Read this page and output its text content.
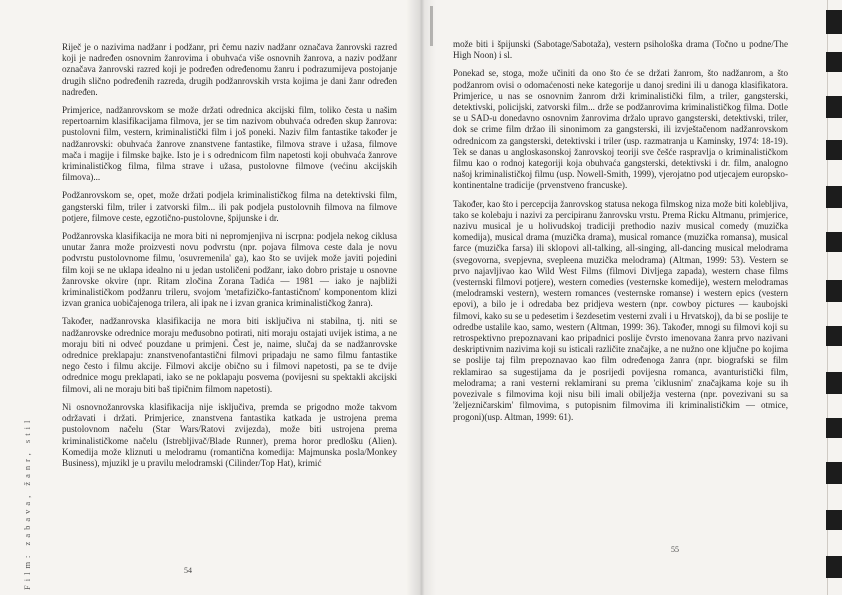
Riječ je o nazivima nadžanr i podžanr, pri čemu naziv nadžanr označava žanrovski razred koji je nadređen osnovnim žanrovima i obuhvaća više osnovnih žanrova, a naziv podžanr označava žanrovski razred koji je podređen određenomu žanru i podrazumijeva postojanje drugih slično podređenih razreda, drugih podžanrovskih vrsta kojima je dani žanr određen nadređen.

Primjerice, nadžanrovskom se može držati odrednica akcijski film, toliko česta u našim repertoarnim klasifikacijama filmova, jer se tim nazivom obuhvaća određen skup žanrova: pustolovni film, vestern, kriminalistički film i još poneki. Naziv film fantastike također je nadžanrovski: obuhvaća žanrove znanstvene fantastike, filmova strave i užasa, filmove mača i magije i filmske bajke. Isto je i s odrednicom film napetosti koji obuhvaća žanrove kriminalističkog filma, filma strave i užasa, pustolovne filmove (većinu akcijskih filmova)...

Podžanrovskom se, opet, može držati podjela kriminalističkog filma na detektivski film, gangsterski film, triler i zatvorski film... ili pak podjela pustolovnih filmova na filmove potjere, filmove ceste, egzotično-pustolovne, špijunske i dr.

Podžanrovska klasifikacija ne mora biti ni nepromjenjiva ni iscrpna: podjela nekog ciklusa unutar žanra može proizvesti novu podvrstu (npr. pojava filmova ceste dala je novu podvrstu pustolovnome filmu, 'osuvremenila' ga), kao što se uvijek može javiti pojedini film koji se ne uklapa idealno ni u jedan ustoličeni podžanr, iako dobro pristaje u osnovne žanrovske okvire (npr. Ritam zločina Zorana Tadića — 1981 — iako je najbliži kriminalističkom podžanru trileru, svojom 'metafizičko-fantastičnom' komponentom klizi izvan granica uobičajenoga trilera, ali ipak ne i izvan granica kriminalističkog žanra).

Također, nadžanrovska klasifikacija ne mora biti isključiva ni stabilna, tj. niti se nadžanrovske odrednice moraju međusobno potirati, niti moraju ostajati uvijek istima, a ne moraju biti ni odveć pouzdane u primjeni. Čest je, naime, slučaj da se nadžanrovske odrednice preklapaju: znanstvenofantastični filmovi pripadaju ne samo filmu fantastike nego često i filmu akcije. Filmovi akcije obično su i filmovi napetosti, pa se te dvije odrednice mogu preklapati, iako se ne poklapaju posvema (povijesni su spektakli akcijski filmovi, ali ne moraju biti baš tipičnim filmom napetosti).

Ni osnovnožanrovska klasifikacija nije isključiva, premda se prigodno može takvom održavati i držati. Primjerice, znanstvena fantastika katkada je ustrojena prema pustolovnom načelu (Star Wars/Ratovi zvijezda), može biti ustrojena prema kriminalističkome načelu (Istrebljivač/Blade Runner), prema horor predlošku (Alien). Komedija može kliznuti u melodramu (romantična komedija: Majmunska posla/Monkey Business), mjuzikl je u pravilu melodramski (Cilinder/Top Hat), krimić

Film: zabava, žanr, stil	54

može biti i špijunski (Sabotage/Sabotaža), vestern psihološka drama (Točno u podne/The High Noon) i sl.

Ponekad se, stoga, može učiniti da ono što će se držati žanrom, što nadžanrom, a što podžanrom ovisi o odomaćenosti neke kategorije u danoj sredini ili u danoga klasifikatora. Primjerice, u nas se osnovnim žanrom drži kriminalistički film, a triler, gangsterski, detektivski, policijski, zatvorski film... drže se podžanrovima kriminalističkog filma. Dotle se u SAD-u donedavno osnovnim žanrovima držalo upravo gangsterski, detektivski, triler, dok se crime film držao ili sinonimom za gangsterski, ili izvještačenom nadžanrovskom odrednicom za gangsterski, detektivski i triler (usp. razmatranja u Kaminsky, 1974: 18-19). Tek se danas u angloskasonskoj žanrovskoj teoriji sve češće raspravlja o kriminalističkom filmu kao o rodnoj kategoriji koja obuhvaća gangsterski, detektivski i dr. film, analogno našoj kriminalističkoj filmu (usp. Nowell-Smith, 1999), vjerojatno pod utjecajem europsko-kontinentalne tradicije (prvenstveno francuske).

Također, kao što i percepcija žanrovskog statusa nekoga filmskog niza može biti kolebljiva, tako se kolebaju i nazivi za percipiranu žanrovsku vrstu. Prema Ricku Altmanu, primjerice, nazivu musical je u holivudskoj tradiciji prethodio naziv musical comedy (muzička komedija), musical drama (muzička drama), musical romance (muzička romansa), musical farce (muzička farsa) ili sklopovi all-talking, all-singing, all-dancing musical melodrama (svegovorna, svepjevna, svepleena muzička melodrama) (Altman, 1999: 53). Vestern se prvo najavljivao kao Wild West Films (filmovi Divljega zapada), western chase films (vesternski filmovi potjere), western comedies (vesternske komedije), western melodramas (melodramski vestern), western romances (vesternske romanse) i western epics (vestern epovi), a bilo je i odredaba bez pridjeva western (npr. cowboy pictures — kaubojski filmovi, kako su se u pedesetim i šezdesetim vesterni zvali i u Hrvatskoj), da bi se poslije te odredbe ustalile kao, samo, western (Altman, 1999: 36). Također, mnogi su filmovi koji su retrospektivno prepoznavani kao pripadnici poslije čvrsto imenovana žanra prvo nazivani deskriptivnim nazivima koji su isticali različite značajke, a ne nužno one ključne po kojima se poslije taj film prepoznavao kao film određenoga žanra (npr. biografski se film reklamirao sa sugestijama da je posrijedi povijesna romanca, avanturistički film, melodrama; a rani vesterni reklamirani su prema 'ciklusnim' značajkama koje su ih povezivale s filmovima koji nisu bili imali obilježja vesterna (npr. povezivani su sa 'željezničarskim' filmovima, s putopisnim filmovima ili kriminalističkim — otmice, progoni)(usp. Altman, 1999: 61).

55
